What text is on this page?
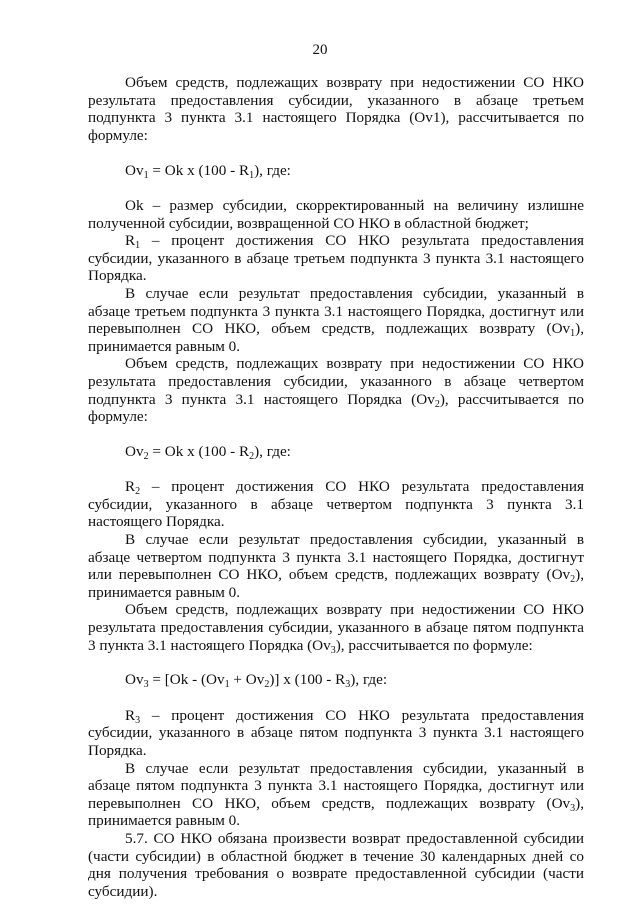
20

Объем средств, подлежащих возврату при недостижении СО НКО результата предоставления субсидии, указанного в абзаце третьем подпункта 3 пункта 3.1 настоящего Порядка (Ov1), рассчитывается по формуле:

$Ov_1 = Ok$ x $(100 - R_1)$, где:

Ok – размер субсидии, скорректированный на величину излишне полученной субсидии, возвращенной СО НКО в областной бюджет;

$R_1$ – процент достижения СО НКО результата предоставления субсидии, указанного в абзаце третьем подпункта 3 пункта 3.1 настоящего Порядка.

В случае если результат предоставления субсидии, указанный в абзаце третьем подпункта 3 пункта 3.1 настоящего Порядка, достигнут или перевыполнен СО НКО, объем средств, подлежащих возврату $(Ov_1)$, принимается равным 0.

Объем средств, подлежащих возврату при недостижении СО НКО результата предоставления субсидии, указанного в абзаце четвертом подпункта 3 пункта 3.1 настоящего Порядка $(Ov_2)$, рассчитывается по формуле:

$Ov_2 = Ok$ x $(100 - R_2)$, где:

$R_2$ – процент достижения СО НКО результата предоставления субсидии, указанного в абзаце четвертом подпункта 3 пункта 3.1 настоящего Порядка.

В случае если результат предоставления субсидии, указанный в абзаце четвертом подпункта 3 пункта 3.1 настоящего Порядка, достигнут или перевыполнен СО НКО, объем средств, подлежащих возврату $(Ov_2)$, принимается равным 0.

Объем средств, подлежащих возврату при недостижении СО НКО результата предоставления субсидии, указанного в абзаце пятом подпункта 3 пункта 3.1 настоящего Порядка $(Ov_3)$, рассчитывается по формуле:

$Ov_3 = [Ok - (Ov_1 + Ov_2)]$ x $(100 - R_3)$, где:

$R_3$ – процент достижения СО НКО результата предоставления субсидии, указанного в абзаце пятом подпункта 3 пункта 3.1 настоящего Порядка.

В случае если результат предоставления субсидии, указанный в абзаце пятом подпункта 3 пункта 3.1 настоящего Порядка, достигнут или перевыполнен СО НКО, объем средств, подлежащих возврату $(Ov_3)$, принимается равным 0.

5.7. СО НКО обязана произвести возврат предоставленной субсидии (части субсидии) в областной бюджет в течение 30 календарных дней со дня получения требования о возврате предоставленной субсидии (части субсидии).
